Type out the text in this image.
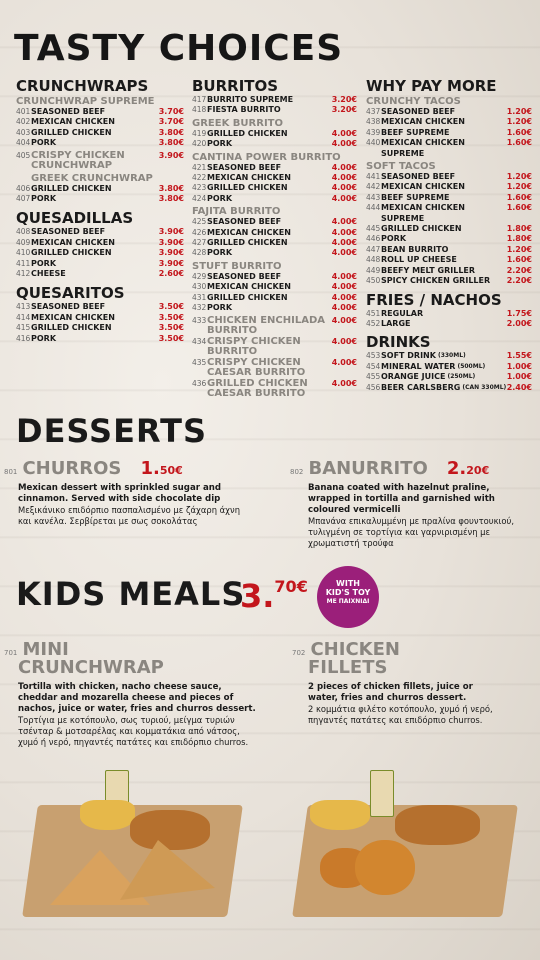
TASTY CHOICES
CRUNCHWRAPS
CRUNCHWRAP SUPREME
401 SEASONED BEEF	3.70€
402 MEXICAN CHICKEN	3.70€
403 GRILLED CHICKEN	3.80€
404 PORK	3.80€
405 CRISPY CHICKEN CRUNCHWRAP
3.90€
GREEK CRUNCHWRAP
406 GRILLED CHICKEN	3.80€
407 PORK	3.80€
QUESADILLAS
408 SEASONED BEEF	3.90€
409 MEXICAN CHICKEN	3.90€
410 GRILLED CHICKEN	3.90€
411 PORK	3.90€
412 CHEESE	2.60€
QUESARITOS
413 SEASONED BEEF	3.50€
414 MEXICAN CHICKEN	3.50€
415 GRILLED CHICKEN	3.50€
416 PORK	3.50€
BURRITOS
417 BURRITO SUPREME	3.20€
418 FIESTA BURRITO	3.20€
GREEK BURRITO
419 GRILLED CHICKEN	4.00€
420 PORK	4.00€
CANTINA POWER BURRITO
421 SEASONED BEEF	4.00€
422 MEXICAN CHICKEN	4.00€
423 GRILLED CHICKEN	4.00€
424 PORK	4.00€
FAJITA BURRITO
425 SEASONED BEEF	4.00€
426 MEXICAN CHICKEN	4.00€
427 GRILLED CHICKEN	4.00€
428 PORK	4.00€
STUFT BURRITO
429 SEASONED BEEF	4.00€
430 MEXICAN CHICKEN	4.00€
431 GRILLED CHICKEN	4.00€
432 PORK	4.00€
433 CHICKEN ENCHILADA BURRITO
4.00€
434 CRISPY CHICKEN BURRITO
4.00€
435 CRISPY CHICKEN CAESAR BURRITO
4.00€
436 GRILLED CHICKEN CAESAR BURRITO
4.00€
WHY PAY MORE
CRUNCHY TACOS
437 SEASONED BEEF	1.20€
438 MEXICAN CHICKEN	1.20€
439 BEEF SUPREME	1.60€
440 MEXICAN CHICKEN SUPREME
1.60€
SOFT TACOS
441 SEASONED BEEF	1.20€
442 MEXICAN CHICKEN	1.20€
443 BEEF SUPREME	1.60€
444 MEXICAN CHICKEN SUPREME
1.60€
445 GRILLED CHICKEN	1.80€
446 PORK	1.80€
447 BEAN BURRITO	1.20€
448 ROLL UP CHEESE	1.60€
449 BEEFY MELT GRILLER	2.20€
450 SPICY CHICKEN GRILLER	2.20€
FRIES / NACHOS
451 REGULAR	1.75€
452 LARGE	2.00€
DRINKS
453 SOFT DRINK (330ML)	1.55€
454 MINERAL WATER (500ML)	1.00€
455 ORANGE JUICE (250ML)	1.00€
456 BEER CARLSBERG (CAN 330ML) 2.40€
DESSERTS
801 CHURROS 1.50€
Mexican dessert with sprinkled sugar and cinnamon. Served with side chocolate dip
Μεξικάνικο επιδόρπιο πασπαλισμένο με ζάχαρη άχνη και κανέλα. Σερβίρεται με σως σοκολάτας
802 BANURRITO 2.20€
Banana coated with hazelnut praline, wrapped in tortilla and garnished with coloured vermicelli
Μπανάνα επικαλυμμένη με πραλίνα φουντουκιού, τυλιγμένη σε τορτίγια και γαρνιρισμένη με χρωματιστή τρούφα
KIDS MEALS
3.$^{70€}$	WITH
KID'S TOY
ΜΕ ΠΑΙΧΝΙΔΙ
701 MINI
CRUNCHWRAP
Tortilla with chicken, nacho cheese sauce, cheddar and mozarella cheese and pieces of nachos, juice or water, fries and churros dessert.
Τορτίγια με κοτόπουλο, σως τυριού, μείγμα τυριών τσένταρ & μοτσαρέλας και κομματάκια από νάτσος, χυμό ή νερό, πηγαντές πατάτες και επιδόρπιο churros.
702 CHICKEN
FILLETS
2 pieces of chicken fillets, juice or water, fries and churros dessert.
2 κομμάτια φιλέτο κοτόπουλο, χυμό ή νερό, πηγαντές πατάτες και επιδόρπιο churros.
